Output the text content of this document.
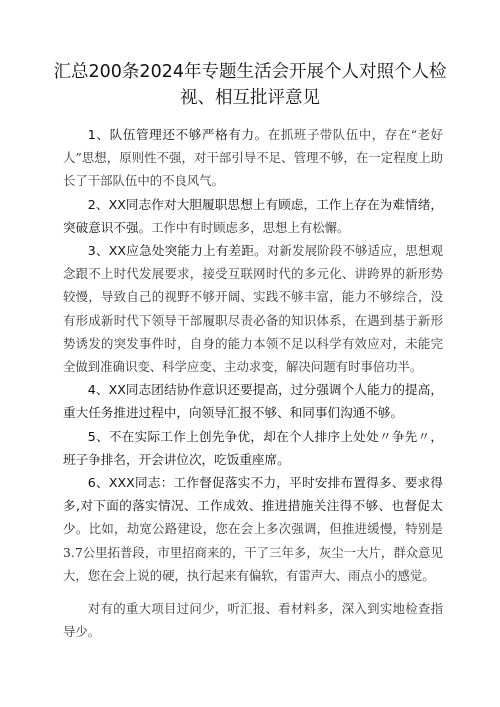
汇总200条2024年专题生活会开展个人对照个人检
视、相互批评意见

1、队伍管理还不够严格有力。在抓班子带队伍中，存在“老好人”思想，原则性不强，对干部引导不足、管理不够，在一定程度上助长了干部队伍中的不良风气。

2、XX同志作对大胆履职思想上有顾虑，工作上存在为难情绪，突破意识不强。工作中有时顾虑多，思想上有松懈。

3、XX应急处突能力上有差距。对新发展阶段不够适应，思想观念跟不上时代发展要求，接受互联网时代的多元化、讲跨界的新形势较慢，导致自己的视野不够开阔、实践不够丰富，能力不够综合，没有形成新时代下领导干部履职尽责必备的知识体系，在遇到基于新形势诱发的突发事件时，自身的能力本领不足以科学有效应对，未能完全做到准确识变、科学应变、主动求变，解决问题有时事倍功半。

4、XX同志团结协作意识还要提高，过分强调个人能力的提高，重大任务推进过程中，向领导汇报不够、和同事们沟通不够。

5、不在实际工作上创先争优，却在个人排序上处处〃争先〃，班子争排名，开会讲位次，吃饭重座席。

6、XXX同志：工作督促落实不力，平时安排布置得多、要求得多,对下面的落实情况、工作成效、推进措施关注得不够、也督促太少。比如，劫宽公路建设，您在会上多次强调，但推进缓慢，特别是3.7公里拓普段，市里招商来的，干了三年多，灰尘一大片，群众意见大，您在会上说的硬，执行起来有偏软，有雷声大、雨点小的感觉。

对有的重大项目过问少，听汇报、看材料多，深入到实地检查指导少。
